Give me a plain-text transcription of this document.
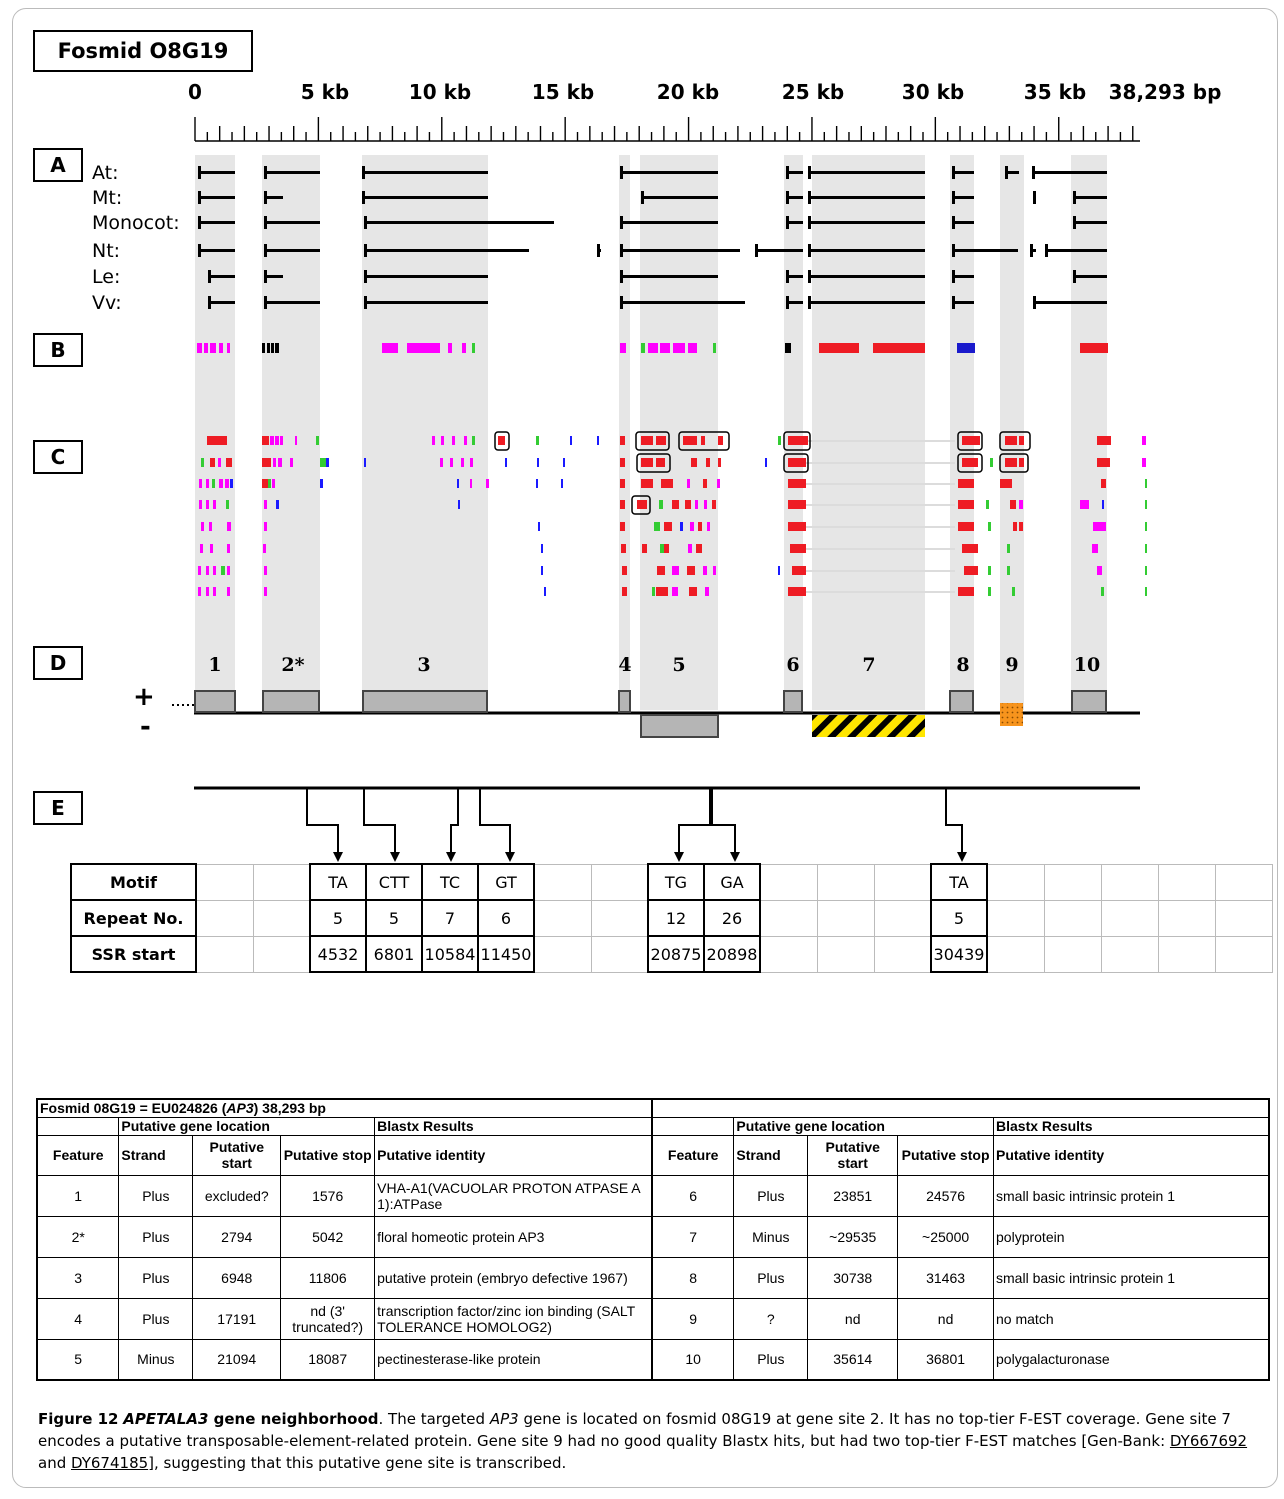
Fosmid O8G19
0	5 kb	10 kb	15 kb	20 kb	25 kb	30 kb	35 kb 38,293 bp
A
B
C
D
E
At:
Mt:
Monocot:
Nt:
Le:
Vv:
1	2*	3	4 5	6	7	8 9	10
+
-
Motif			TA	CTT	TC	GT			TG	GA				TA					
Repeat No.			5	5	7	6			12	26				5					
SSR start			4532	6801	10584	11450			20875	20898				30439					
Fosmid 08G19 = EU024826 (AP3) 38,293 bp									
	Putative gene location			Blastx Results		Putative gene location			Blastx Results
Feature	Strand	Putative start	Putative stop	Putative identity	Feature	Strand	Putative start	Putative stop	Putative identity
1	Plus	excluded?	1576	VHA-A1(VACUOLAR PROTON ATPASE A 1):ATPase	6	Plus	23851	24576	small basic intrinsic protein 1
2*	Plus	2794	5042	floral homeotic protein AP3	7	Minus	~29535	~25000	polyprotein
3	Plus	6948	11806	putative protein (embryo defective 1967)	8	Plus	30738	31463	small basic intrinsic protein 1
4	Plus	17191	nd (3' truncated?)	transcription factor/zinc ion binding (SALT TOLERANCE HOMOLOG2)	9	?	nd	nd	no match
5	Minus	21094	18087	pectinesterase-like protein	10	Plus	35614	36801	polygalacturonase
Figure 12 APETALA3 gene neighborhood. The targeted AP3 gene is located on fosmid 08G19 at gene site 2. It has no top-tier F-EST coverage. Gene site 7 encodes a putative transposable-element-related protein. Gene site 9 had no good quality Blastx hits, but had two top-tier F-EST matches [Gen-Bank: DY667692 and DY674185], suggesting that this putative gene site is transcribed.
